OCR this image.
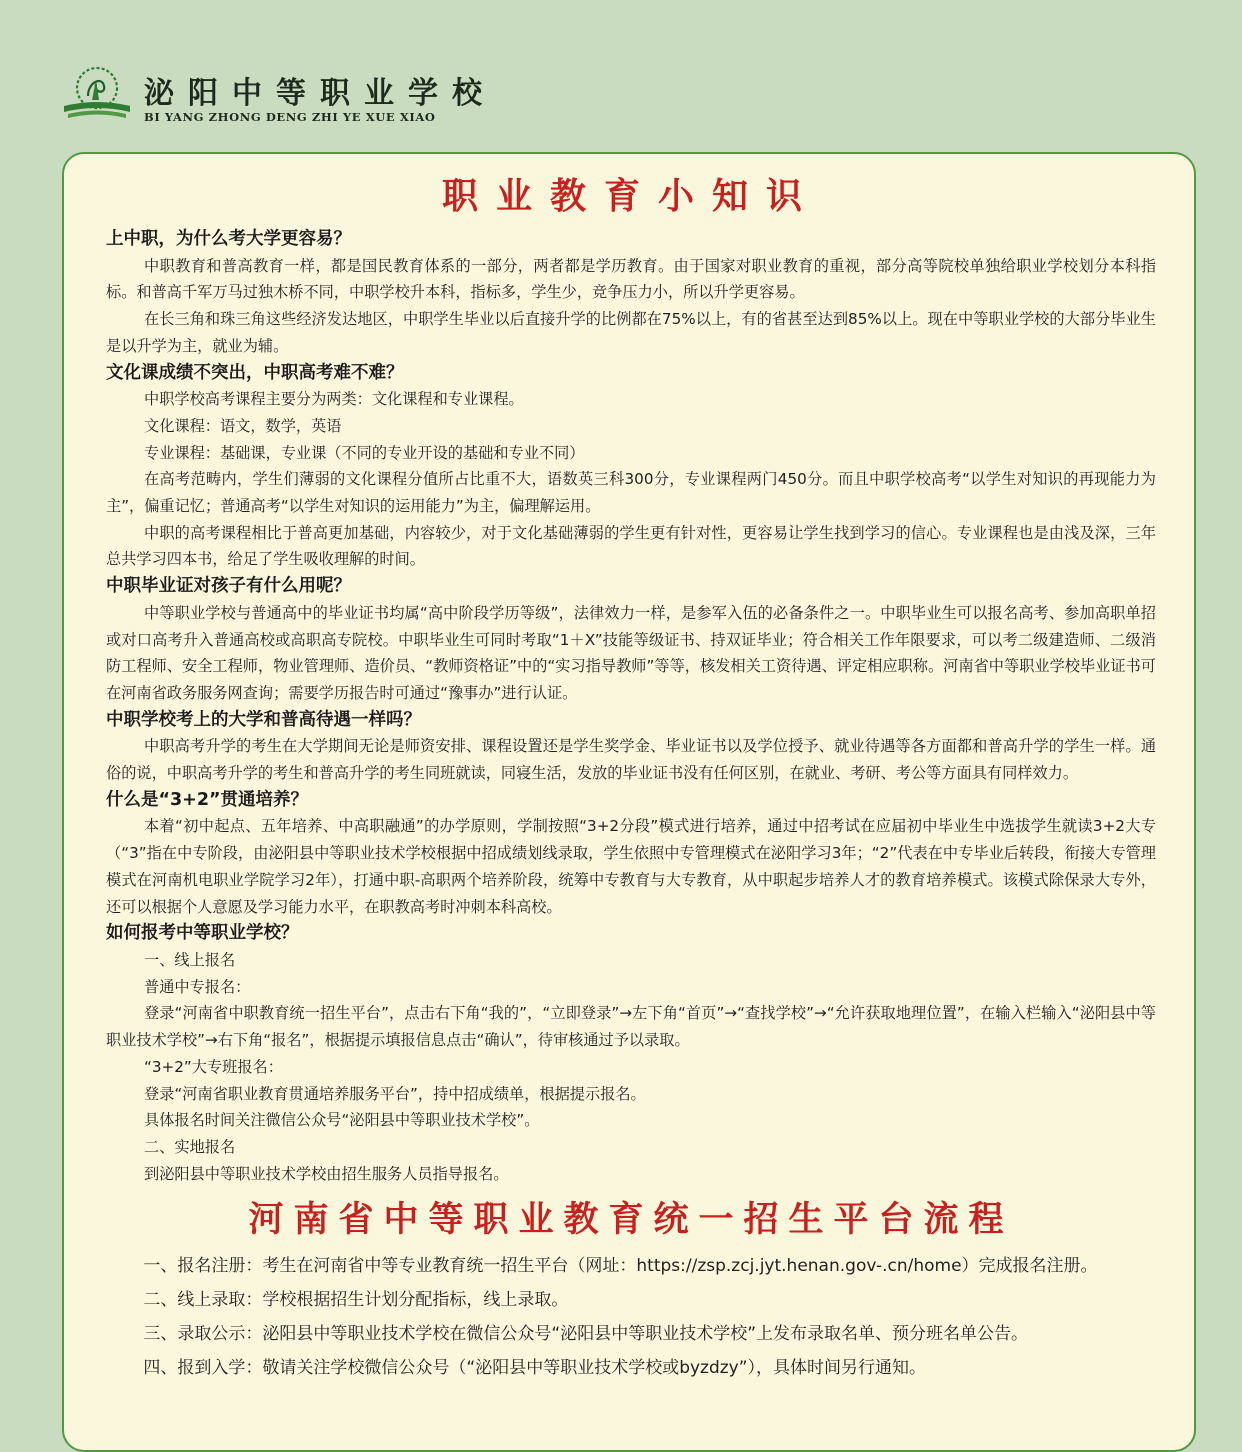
泌阳中等职业学校
BI YANG ZHONG DENG ZHI YE XUE XIAO
职业教育小知识

上中职，为什么考大学更容易？

中职教育和普高教育一样，都是国民教育体系的一部分，两者都是学历教育。由于国家对职业教育的重视，部分高等院校单独给职业学校划分本科指标。和普高千军万马过独木桥不同，中职学校升本科，指标多，学生少，竞争压力小，所以升学更容易。

在长三角和珠三角这些经济发达地区，中职学生毕业以后直接升学的比例都在75%以上，有的省甚至达到85%以上。现在中等职业学校的大部分毕业生是以升学为主，就业为辅。

文化课成绩不突出，中职高考难不难？

中职学校高考课程主要分为两类：文化课程和专业课程。

文化课程：语文，数学，英语

专业课程：基础课，专业课（不同的专业开设的基础和专业不同）

在高考范畴内，学生们薄弱的文化课程分值所占比重不大，语数英三科300分，专业课程两门450分。而且中职学校高考“以学生对知识的再现能力为主”，偏重记忆；普通高考“以学生对知识的运用能力”为主，偏理解运用。

中职的高考课程相比于普高更加基础，内容较少，对于文化基础薄弱的学生更有针对性，更容易让学生找到学习的信心。专业课程也是由浅及深，三年总共学习四本书，给足了学生吸收理解的时间。

中职毕业证对孩子有什么用呢？

中等职业学校与普通高中的毕业证书均属“高中阶段学历等级”，法律效力一样，是参军入伍的必备条件之一。中职毕业生可以报名高考、参加高职单招或对口高考升入普通高校或高职高专院校。中职毕业生可同时考取“1＋X”技能等级证书、持双证毕业；符合相关工作年限要求，可以考二级建造师、二级消防工程师、安全工程师，物业管理师、造价员、“教师资格证”中的“实习指导教师”等等，核发相关工资待遇、评定相应职称。河南省中等职业学校毕业证书可在河南省政务服务网查询；需要学历报告时可通过“豫事办”进行认证。

中职学校考上的大学和普高待遇一样吗？

中职高考升学的考生在大学期间无论是师资安排、课程设置还是学生奖学金、毕业证书以及学位授予、就业待遇等各方面都和普高升学的学生一样。通俗的说，中职高考升学的考生和普高升学的考生同班就读，同寝生活，发放的毕业证书没有任何区别，在就业、考研、考公等方面具有同样效力。

什么是“3+2”贯通培养？

本着“初中起点、五年培养、中高职融通”的办学原则，学制按照“3+2分段”模式进行培养，通过中招考试在应届初中毕业生中选拔学生就读3+2大专（“3”指在中专阶段，由泌阳县中等职业技术学校根据中招成绩划线录取，学生依照中专管理模式在泌阳学习3年；“2”代表在中专毕业后转段，衔接大专管理模式在河南机电职业学院学习2年），打通中职-高职两个培养阶段，统筹中专教育与大专教育，从中职起步培养人才的教育培养模式。该模式除保录大专外，还可以根据个人意愿及学习能力水平，在职教高考时冲刺本科高校。

如何报考中等职业学校？

一、线上报名

普通中专报名：

登录“河南省中职教育统一招生平台”，点击右下角“我的”，“立即登录”→左下角“首页”→“查找学校”→“允许获取地理位置”，在输入栏输入“泌阳县中等职业技术学校”→右下角“报名”，根据提示填报信息点击“确认”，待审核通过予以录取。

“3+2”大专班报名：

登录“河南省职业教育贯通培养服务平台”，持中招成绩单，根据提示报名。

具体报名时间关注微信公众号“泌阳县中等职业技术学校”。

二、实地报名

到泌阳县中等职业技术学校由招生服务人员指导报名。

河南省中等职业教育统一招生平台流程

一、报名注册：考生在河南省中等专业教育统一招生平台（网址：https://zsp.zcj.jyt.henan.gov-.cn/home）完成报名注册。

二、线上录取：学校根据招生计划分配指标，线上录取。

三、录取公示：泌阳县中等职业技术学校在微信公众号“泌阳县中等职业技术学校”上发布录取名单、预分班名单公告。

四、报到入学：敬请关注学校微信公众号（“泌阳县中等职业技术学校或byzdzy”），具体时间另行通知。
